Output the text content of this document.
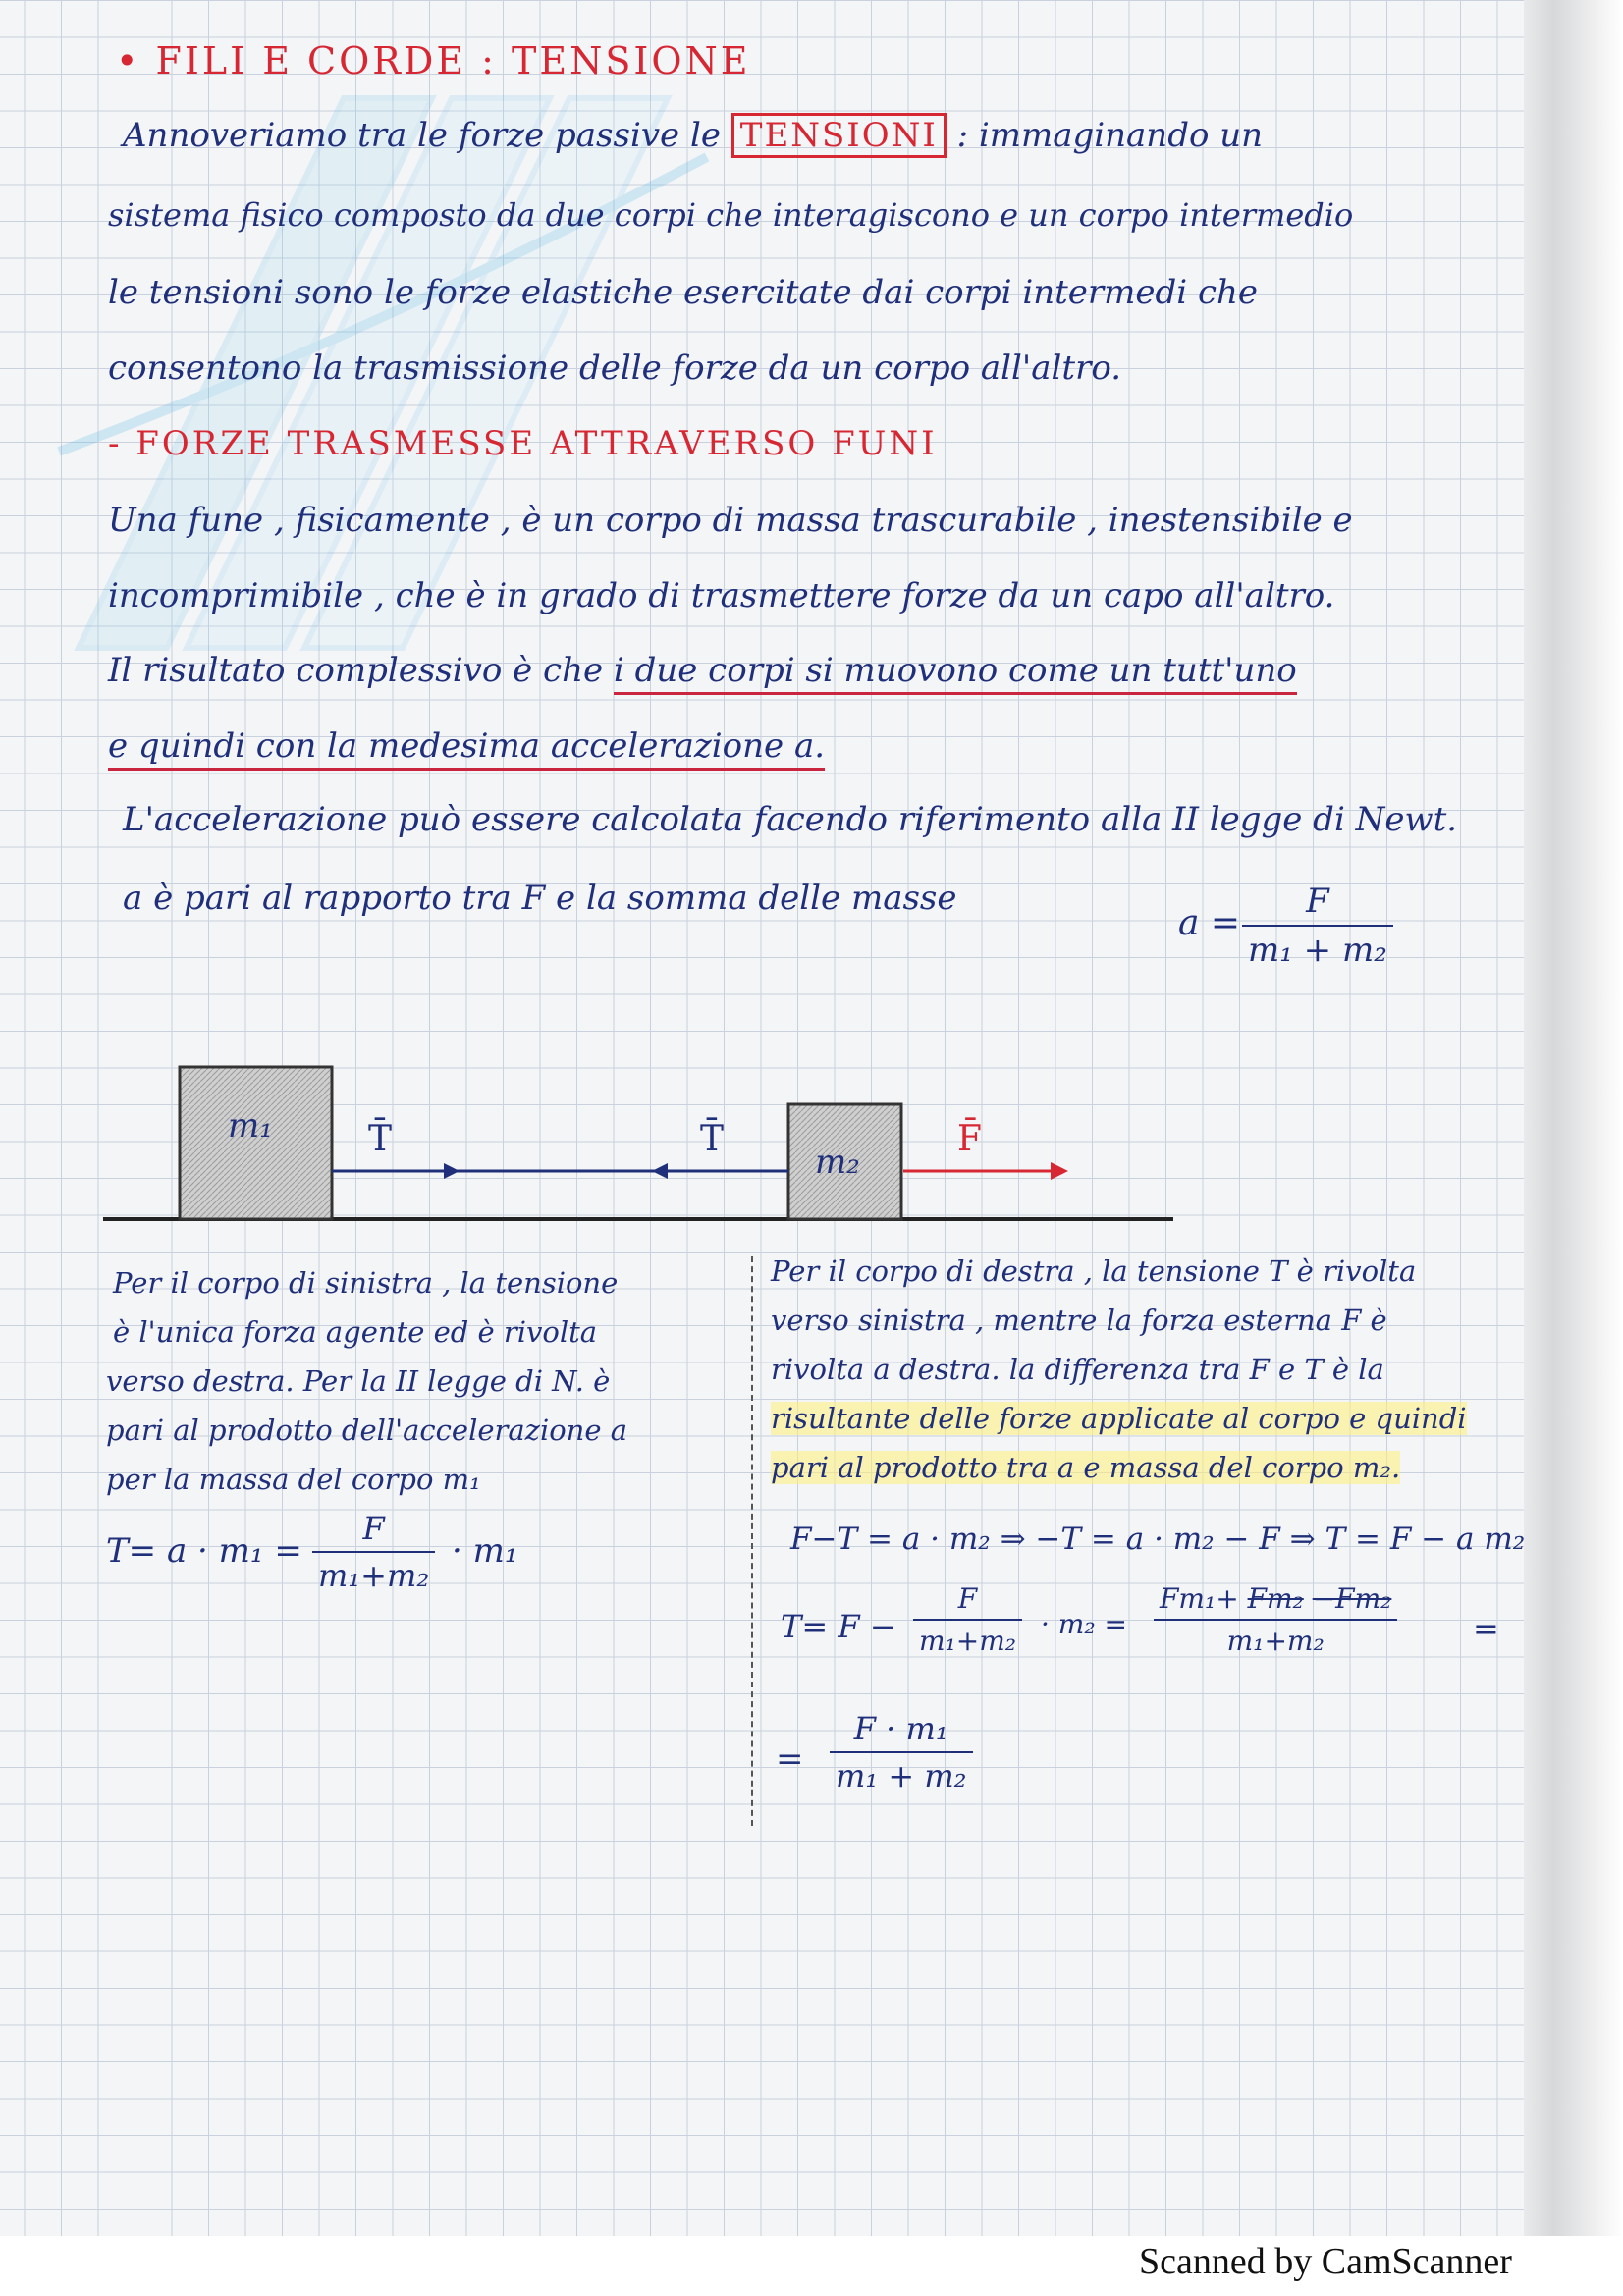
• FILI E CORDE : TENSIONE
Annoveriamo tra le forze passive le TENSIONI : immaginando un
sistema fisico composto da due corpi che interagiscono e un corpo intermedio
le tensioni sono le forze elastiche esercitate dai corpi intermedi che
consentono la trasmissione delle forze da un corpo all'altro.
- FORZE TRASMESSE ATTRAVERSO FUNI
Una fune , fisicamente , è un corpo di massa trascurabile , inestensibile e
incomprimibile , che è in grado di trasmettere forze da un capo all'altro.
Il risultato complessivo è che i due corpi si muovono come un tutt'uno
e quindi con la medesima accelerazione a.
L'accelerazione può essere calcolata facendo riferimento alla II legge di Newt.
a è pari al rapporto tra F e la somma delle masse
a =
F
m₁ + m₂
m₁
m₂
T̄	T̄	F̄
Per il corpo di sinistra , la tensione
è l'unica forza agente ed è rivolta
verso destra. Per la II legge di N. è
pari al prodotto dell'accelerazione a
per la massa del corpo m₁
T= a · m₁ =
F
m₁+m₂
· m₁
Per il corpo di destra , la tensione T è rivolta
verso sinistra , mentre la forza esterna F è
rivolta a destra. la differenza tra F e T è la
risultante delle forze applicate al corpo e quindi
pari al prodotto tra a e massa del corpo m₂.
F−T = a · m₂ ⇒ −T = a · m₂ − F ⇒ T = F − a m₂
T= F −
F
m₁+m₂
· m₂ =
Fm₁+ Fm₂ −Fm₂
m₁+m₂	=
=
F · m₁
m₁ + m₂
Scanned by CamScanner
